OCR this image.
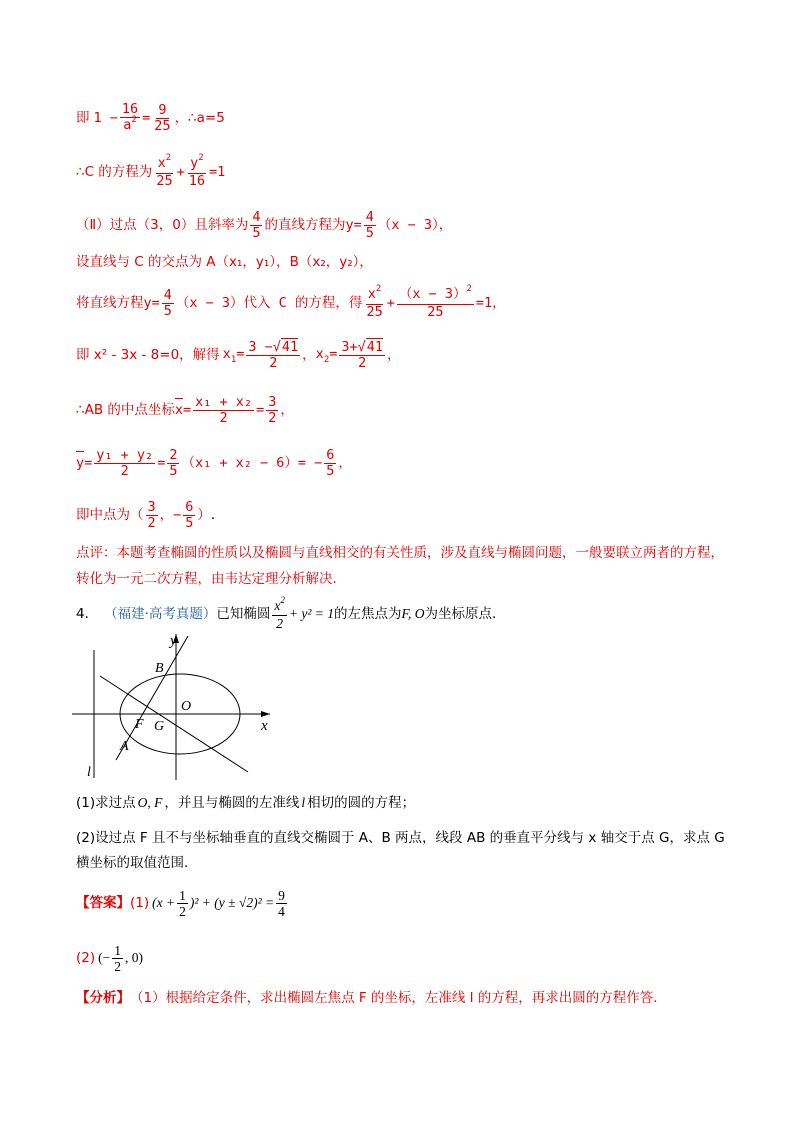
即 $1 - \frac{16}{a^2} = \frac{9}{25}$ ，∴a=5
∴C 的方程为 $\frac{x^2}{25} + \frac{y^2}{16} =1$
（Ⅱ）过点（3，0）且斜率为 $\frac{4}{5}$ 的直线方程为 $y= \frac{4}{5} (x - 3)$，
设直线与 C 的交点为 A（x₁，y₁），B（x₂，y₂），
将直线方程 $y= \frac{4}{5} (x - 3)$代入 C 的方程，得 $\frac{x^2}{25} + \frac{(x - 3)^2}{25} =1$，
即 x² - 3x - 8=0，解得 $x_1= \frac{3 -√41}{2}$ ， $x_2= \frac{3+√41}{2}$ ，
∴AB 的中点坐标 $x = \frac{\text{x₁ + x₂}}{2} = \frac{3}{2}$ ，
$y = \frac{\text{y₁ + y₂}}{2} = \frac{2}{5} (x_1 + x_2 - 6)= - \frac{6}{5}$ ，
即中点为 （ $\frac{3}{2}$ ，− $\frac{6}{5}$ ） ．
点评：本题考查椭圆的性质以及椭圆与直线相交的有关性质，涉及直线与椭圆问题，一般要联立两者的方程，转化为一元二次方程，由韦达定理分析解决．
4． （福建·高考真题） 已知椭圆 $\frac{x^2}{2} + y^2 = 1$ 的左焦点为 F, O 为坐标原点.
y
x
B
O
F G
A
l
(1)求过点 O, F ，并且与椭圆的左准线 l 相切的圆的方程；
(2)设过点 F 且不与坐标轴垂直的直线交椭圆于 A、B 两点，线段 AB 的垂直平分线与 x 轴交于点 G，求点 G
横坐标的取值范围.
【答案】 (1) $(x + \frac{1}{2} )^2 + (y \pm √2)^2 = \frac{9}{4}$
(2) (− $\frac{1}{2}$ , 0)
【分析】 （1）根据给定条件，求出椭圆左焦点 F 的坐标，左准线 l 的方程，再求出圆的方程作答.
